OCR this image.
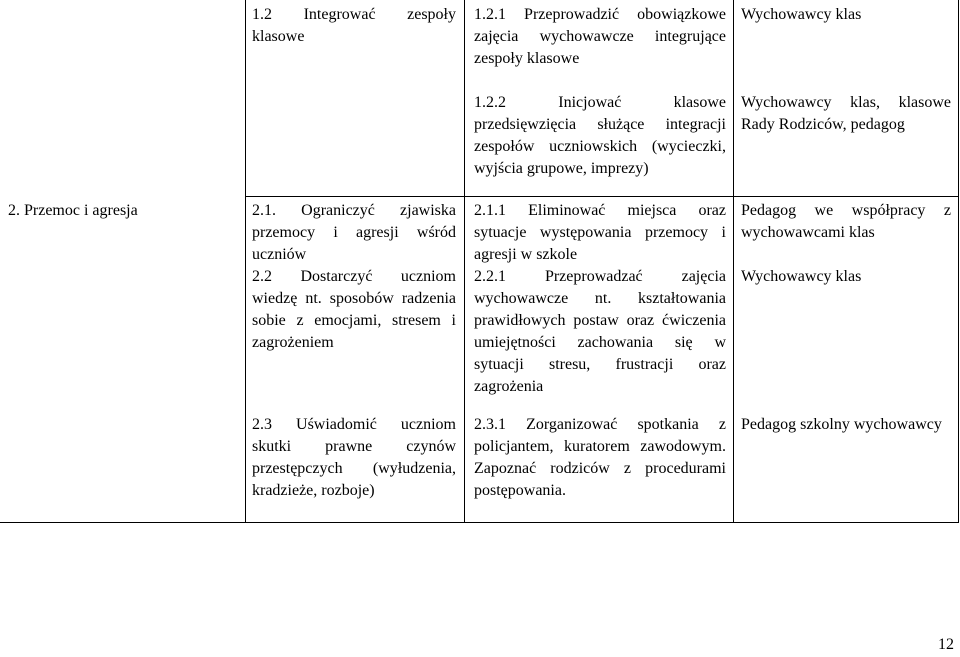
1.2 Integrować zespoły
klasowe
1.2.1 Przeprowadzić obowiązkowe zajęcia wychowawcze integrujące zespoły klasowe
1.2.2 Inicjować klasowe przedsięwzięcia służące integracji zespołów uczniowskich (wycieczki, wyjścia grupowe, imprezy)
Wychowawcy klas
Wychowawcy klas, klasowe Rady Rodziców, pedagog
2. Przemoc i agresja	2.1. Ograniczyć zjawiska przemocy i agresji wśród uczniów
2.2 Dostarczyć uczniom wiedzę nt. sposobów radzenia sobie z emocjami, stresem i zagrożeniem
2.1.1 Eliminować miejsca oraz sytuacje występowania przemocy i agresji w szkole
2.2.1 Przeprowadzać zajęcia wychowawcze nt. kształtowania prawidłowych postaw oraz ćwiczenia umiejętności zachowania się w sytuacji stresu, frustracji oraz zagrożenia
Pedagog we współpracy z wychowawcami klas
Wychowawcy klas
2.3 Uświadomić uczniom skutki prawne czynów przestępczych (wyłudzenia, kradzieże, rozboje)
2.3.1 Zorganizować spotkania z policjantem, kuratorem zawodowym. Zapoznać rodziców z procedurami postępowania.
Pedagog szkolny wychowawcy
12
